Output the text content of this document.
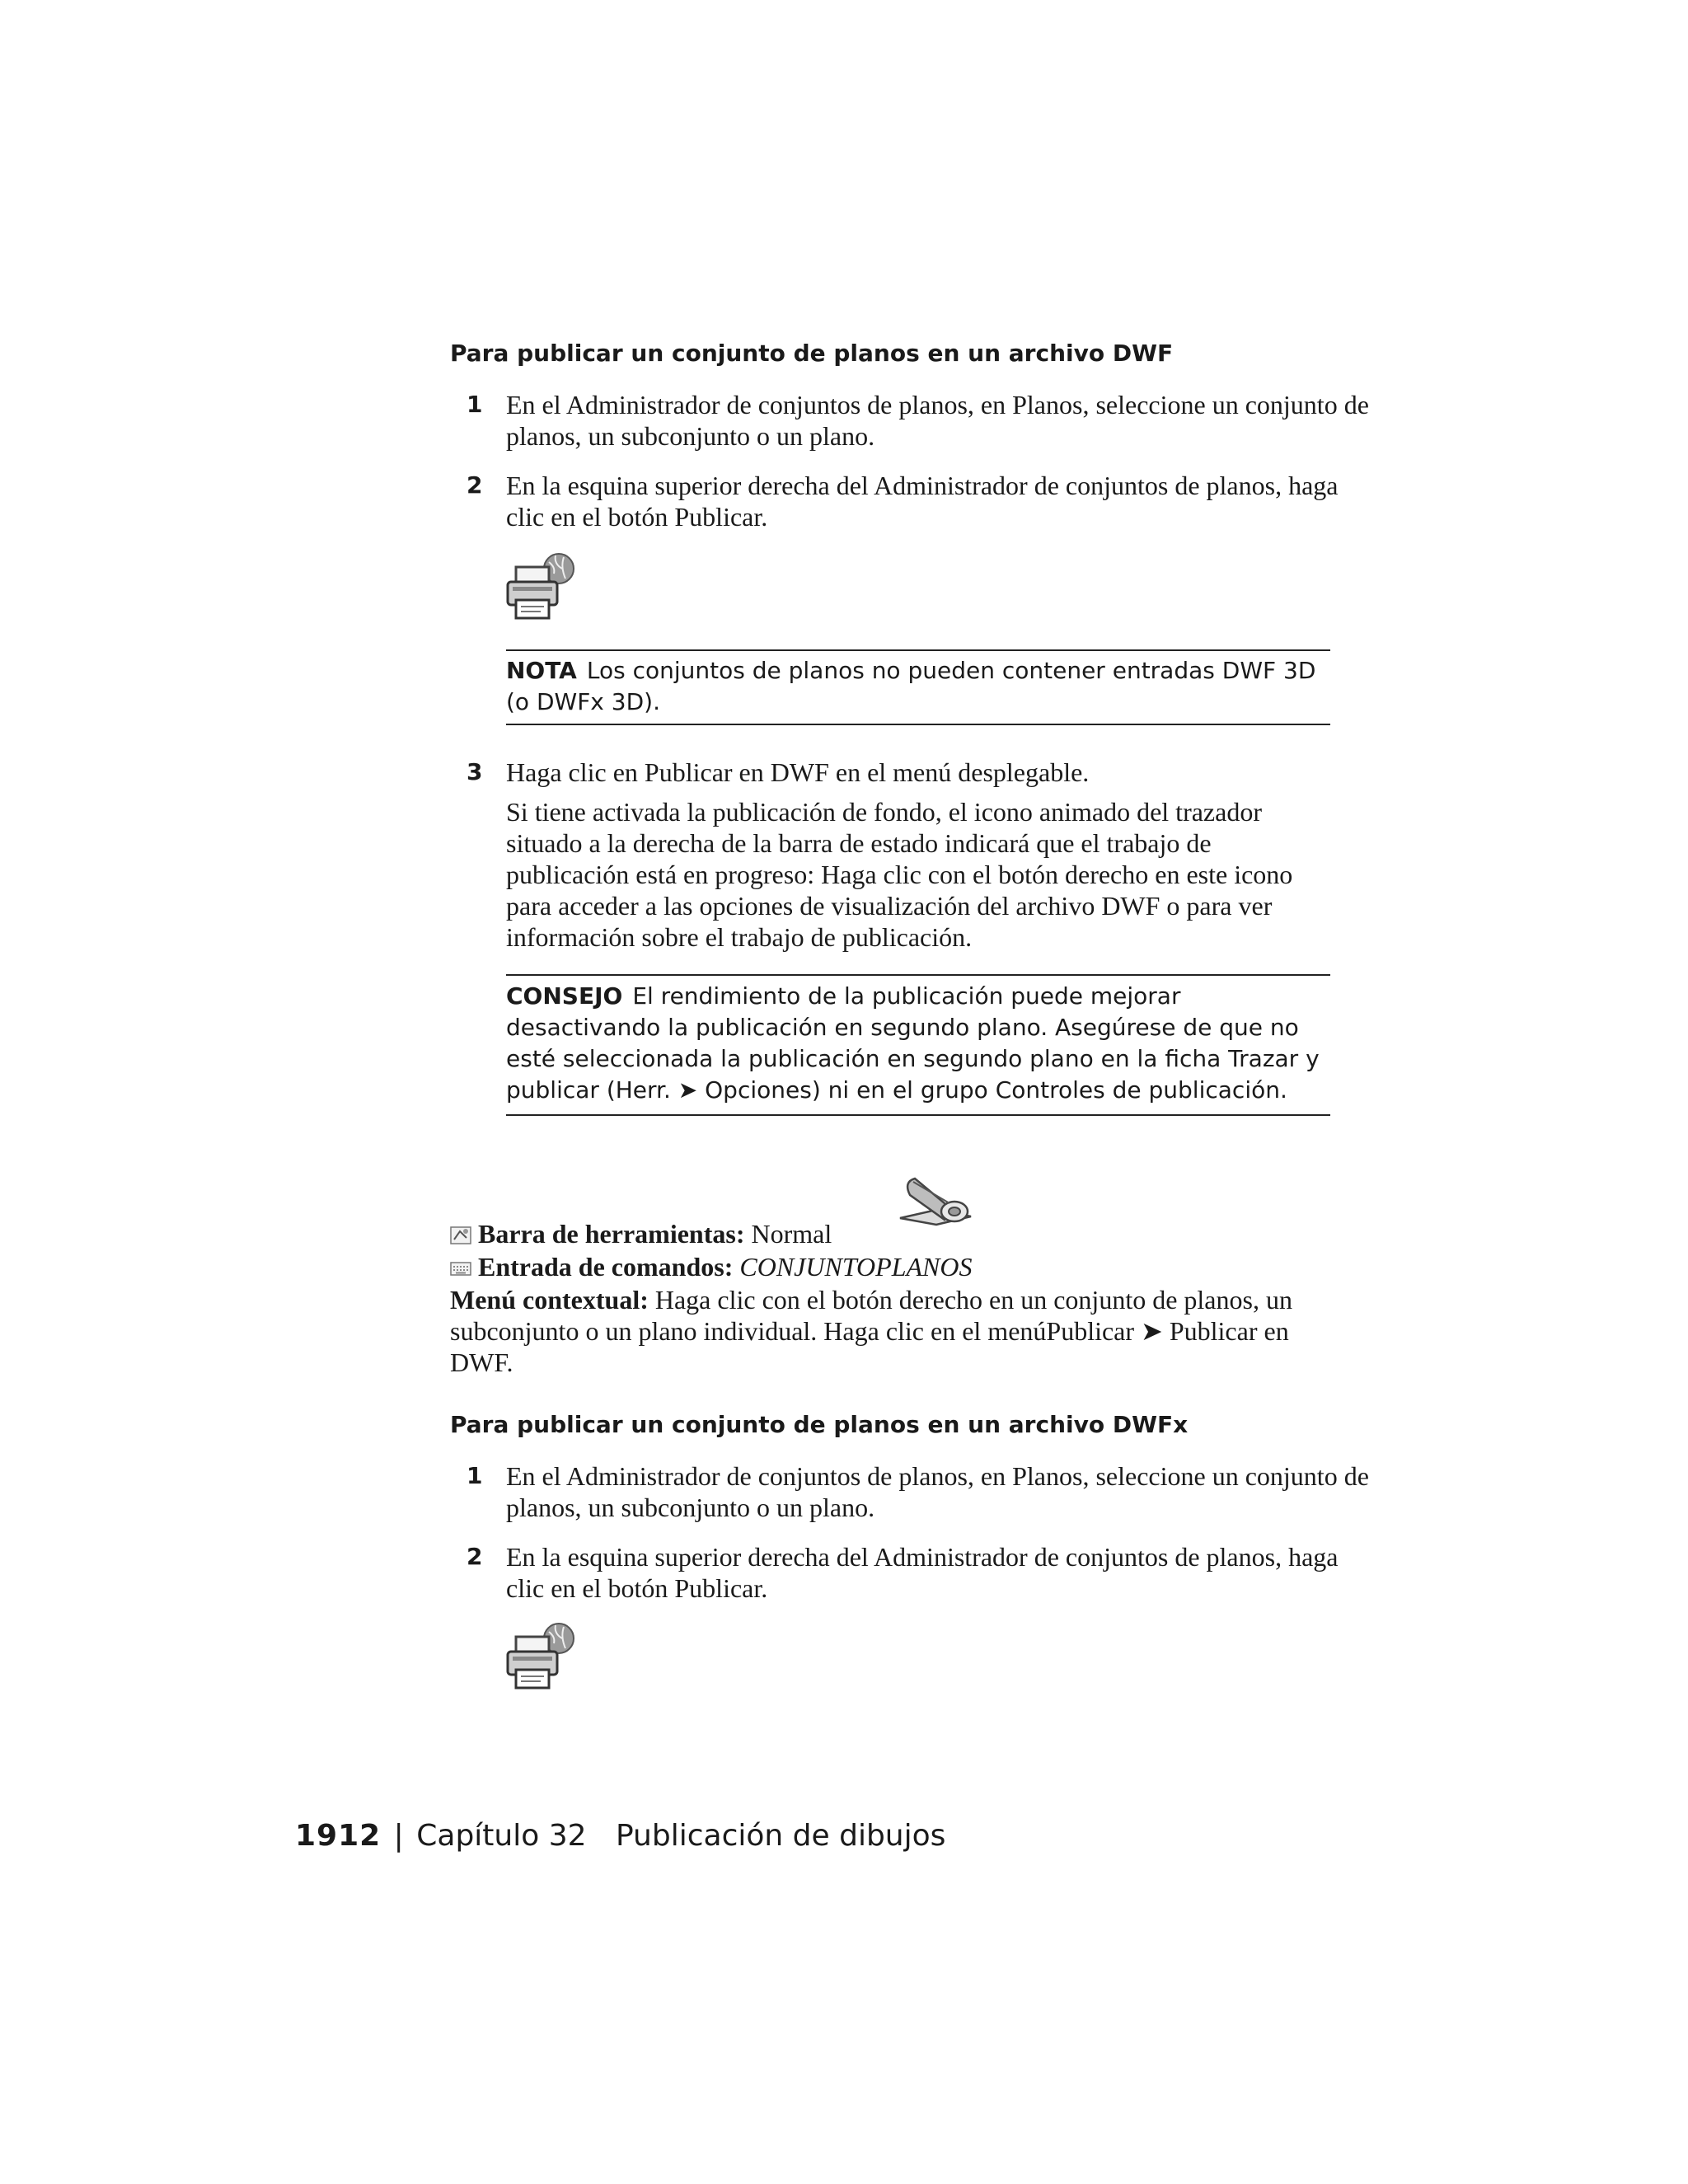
Para publicar un conjunto de planos en un archivo DWF
1 En el Administrador de conjuntos de planos, en Planos, seleccione un conjunto de planos, un subconjunto o un plano.
2 En la esquina superior derecha del Administrador de conjuntos de planos, haga clic en el botón Publicar.
NOTA Los conjuntos de planos no pueden contener entradas DWF 3D (o DWFx 3D).
3 Haga clic en Publicar en DWF en el menú desplegable.
Si tiene activada la publicación de fondo, el icono animado del trazador situado a la derecha de la barra de estado indicará que el trabajo de publicación está en progreso: Haga clic con el botón derecho en este icono para acceder a las opciones de visualización del archivo DWF o para ver información sobre el trabajo de publicación.
CONSEJO El rendimiento de la publicación puede mejorar desactivando la publicación en segundo plano. Asegúrese de que no esté seleccionada la publicación en segundo plano en la ficha Trazar y publicar (Herr. ➤ Opciones) ni en el grupo Controles de publicación.
Barra de herramientas: Normal
Entrada de comandos: CONJUNTOPLANOS
Menú contextual: Haga clic con el botón derecho en un conjunto de planos, un subconjunto o un plano individual. Haga clic en el menúPublicar ➤ Publicar en DWF.
Para publicar un conjunto de planos en un archivo DWFx
1 En el Administrador de conjuntos de planos, en Planos, seleccione un conjunto de planos, un subconjunto o un plano.
2 En la esquina superior derecha del Administrador de conjuntos de planos, haga clic en el botón Publicar.
1912 | Capítulo 32 Publicación de dibujos
